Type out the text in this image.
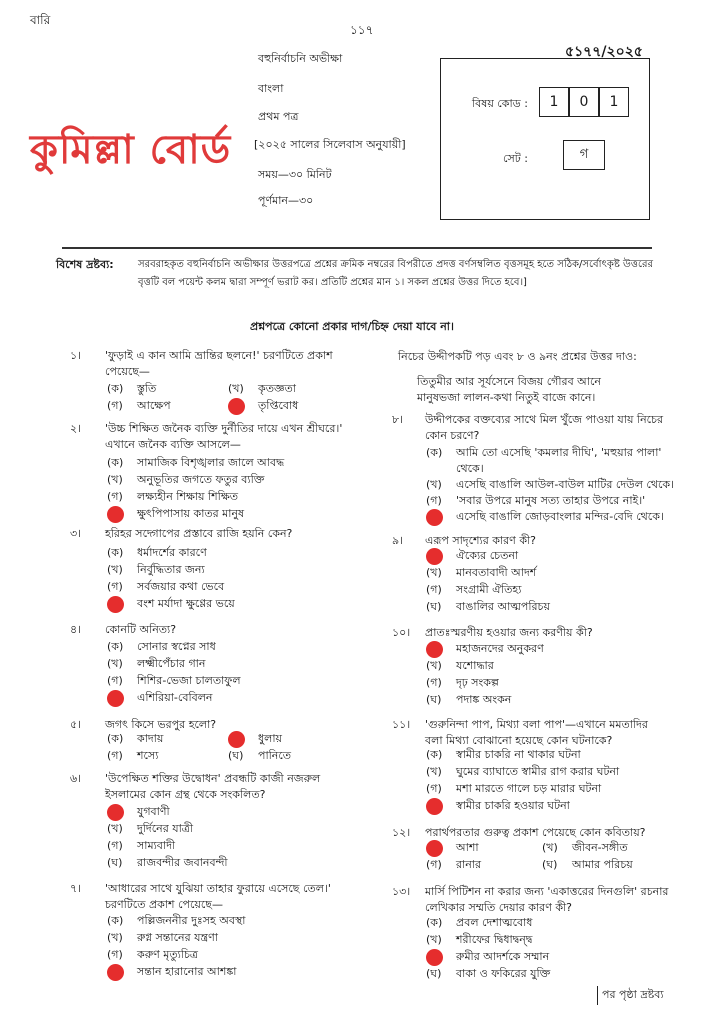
বারি
১১৭
৫১৭৭/২০২৫
কুমিল্লা বোর্ড
বহুনির্বাচনি অভীক্ষা
বাংলা
প্রথম পত্র
[২০২৫ সালের সিলেবাস অনুযায়ী]
সময়—৩০ মিনিট
পূর্ণমান—৩০
বিষয় কোড :	1	0	1
সেট :	গ
বিশেষ দ্রষ্টব্য: সরবরাহকৃত বহুনির্বাচনি অভীক্ষার উত্তরপত্রে প্রশ্নের ক্রমিক নম্বরের বিপরীতে প্রদত্ত বর্ণসম্বলিত বৃত্তসমূহ হতে সঠিক/সর্বোৎকৃষ্ট উত্তরের বৃত্তটি বল পয়েন্ট কলম দ্বারা সম্পূর্ণ ভরাট কর। প্রতিটি প্রশ্নের মান ১। সকল প্রশ্নের উত্তর দিতে হবে।]
প্রশ্নপত্রে কোনো প্রকার দাগ/চিহ্ন দেয়া যাবে না।
নিচের উদ্দীপকটি পড় এবং ৮ ও ৯নং প্রশ্নের উত্তর দাও:
তিতুমীর আর সূর্যসেনে বিজয় গৌরব আনে
মানুষভজা লালন-কথা নিতুই বাজে কানে।
পর পৃষ্ঠা দ্রষ্টব্য
১। 'ফুড়াই এ কান আমি ভ্রান্তির ছলনে!' চরণটিতে প্রকাশ
পেয়েছে—
(ক) স্তুতি	(খ) কৃতজ্ঞতা
(গ) আক্ষেপ	তৃপ্তিবোধ
২। 'উচ্চ শিক্ষিত জনৈক ব্যক্তি দুর্নীতির দায়ে এখন শ্রীঘরে।'
এখানে জনৈক ব্যক্তি আসলে—
(ক) সামাজিক বিশৃঙ্খলার জালে আবদ্ধ
(খ) অনুভূতির জগতে ফতুর ব্যক্তি
(গ) লক্ষ্যহীন শিক্ষায় শিক্ষিত
ক্ষুৎপিপাসায় কাতর মানুষ
৩। হরিহর সদ্গোপের প্রস্তাবে রাজি হয়নি কেন?
(ক) ধর্মাদর্শের কারণে
(খ) নির্বুদ্ধিতার জন্য
(গ) সর্বজয়ার কথা ভেবে
বংশ মর্যাদা ক্ষুণ্ণের ভয়ে
৪। কোনটি অনিত্য?
(ক) সোনার স্বপ্নের সাধ
(খ) লক্ষ্মীপেঁচার গান
(গ) শিশির-ভেজা চালতাফুল
এশিরিয়া-বেবিলন
৫। জগৎ কিসে ভরপুর হলো?
(ক) কাদায়	ধুলায়
(গ) শস্যে	(ঘ) পানিতে
৬। 'উপেক্ষিত শক্তির উদ্বোধন' প্রবন্ধটি কাজী নজরুল
ইসলামের কোন গ্রন্থ থেকে সংকলিত?
যুগবাণী
(খ) দুর্দিনের যাত্রী
(গ) সাম্যবাদী
(ঘ) রাজবন্দীর জবানবন্দী
৭। 'আধারের সাথে যুঝিয়া তাহার ফুরায়ে এসেছে তেল।'
চরণটিতে প্রকাশ পেয়েছে—
(ক) পল্লিজননীর দুঃসহ অবস্থা
(খ) রুগ্ন সন্তানের যন্ত্রণা
(গ) করুণ মৃত্যুচিত্র
সন্তান হারানোর আশঙ্কা
৮। উদ্দীপকের বক্তব্যের সাথে মিল খুঁজে পাওয়া যায় নিচের
কোন চরণে?
(ক) আমি তো এসেছি 'কমলার দীঘি', 'মহুয়ার পালা'
থেকে।
(খ) এসেছি বাঙালি আউল-বাউল মাটির দেউল থেকে।
(গ) 'সবার উপরে মানুষ সত্য তাহার উপরে নাই।'
এসেছি বাঙালি জোড়বাংলার মন্দির-বেদি থেকে।
৯। এরূপ সাদৃশ্যের কারণ কী?
ঐক্যের চেতনা
(খ) মানবতাবাদী আদর্শ
(গ) সংগ্রামী ঐতিহ্য
(ঘ) বাঙালির আত্মপরিচয়
১০। প্রাতঃস্মরণীয় হওয়ার জন্য করণীয় কী?
মহাজনদের অনুকরণ
(খ) যশোদ্ধার
(গ) দৃঢ় সংকল্প
(ঘ) পদাঙ্ক অংকন
১১। 'গুরুনিন্দা পাপ, মিথ্যা বলা পাপ'—এখানে মমতাদির
বলা মিথ্যা বোঝানো হয়েছে কোন ঘটনাকে?
(ক) স্বামীর চাকরি না থাকার ঘটনা
(খ) ঘুমের ব্যাঘাতে স্বামীর রাগ করার ঘটনা
(গ) মশা মারতে গালে চড় মারার ঘটনা
স্বামীর চাকরি হওয়ার ঘটনা
১২। পরার্থপরতার গুরুত্ব প্রকাশ পেয়েছে কোন কবিতায়?
আশা	(খ) জীবন-সঙ্গীত
(গ) রানার	(ঘ) আমার পরিচয়
১৩। মার্সি পিটিশন না করার জন্য 'একাত্তরের দিনগুলি' রচনার
লেখিকার সম্মতি দেয়ার কারণ কী?
(ক) প্রবল দেশাত্মবোধ
(খ) শরীফের দ্বিধাদ্বন্দ্ব
রুমীর আদর্শকে সম্মান
(ঘ) বাকা ও ফকিরের যুক্তি
